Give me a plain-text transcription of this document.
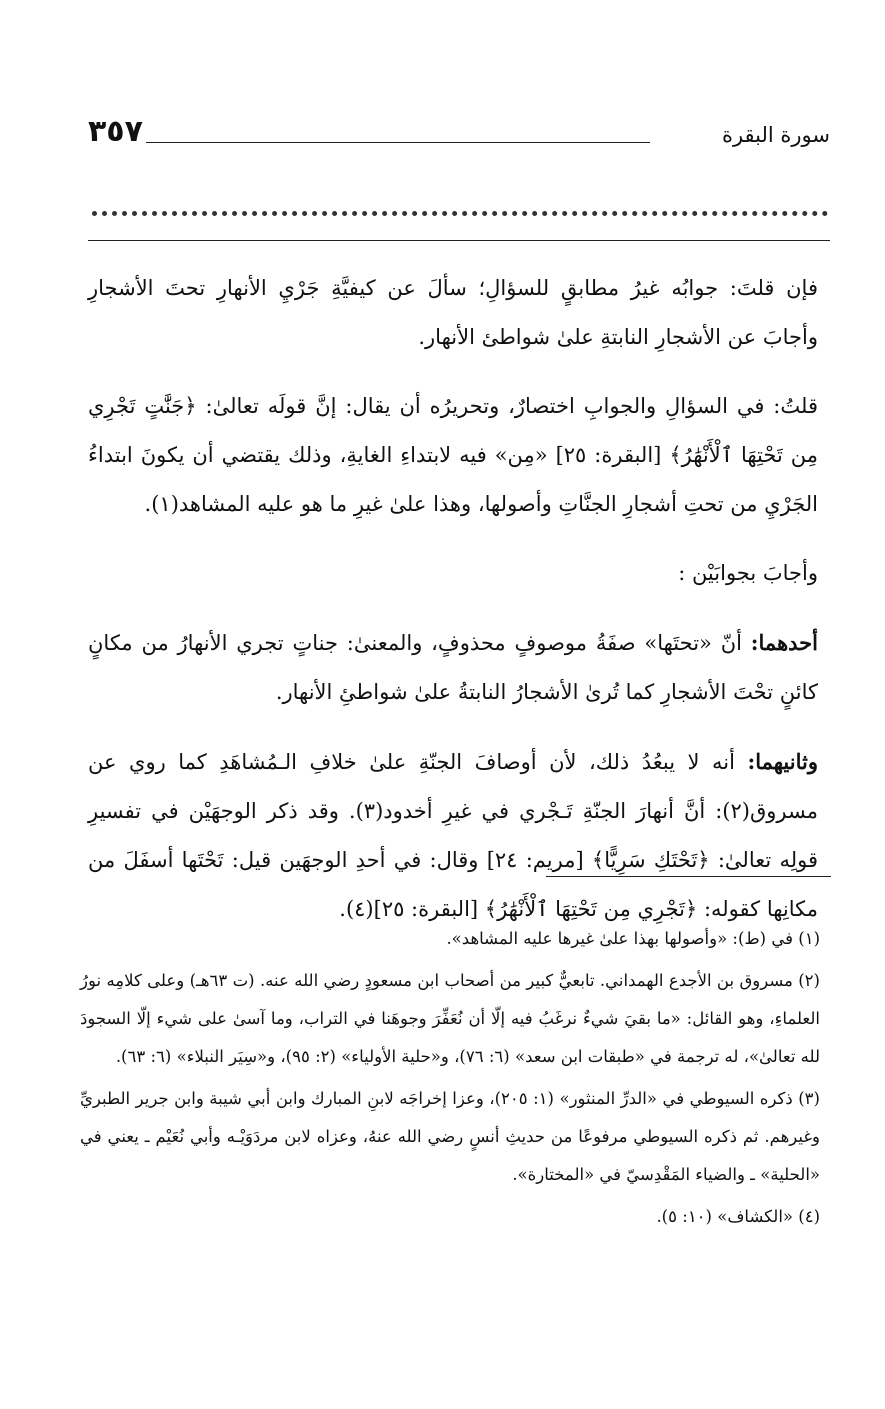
٣٥٧	سورة البقرة

فإن قلتَ: جوابُه غيرُ مطابقٍ للسؤالِ؛ سألَ عن كيفيَّةِ جَرْيِ الأنهارِ تحتَ الأشجارِ وأجابَ عن الأشجارِ النابتةِ علىٰ شواطئ الأنهار.

قلتُ: في السؤالِ والجوابِ اختصارٌ، وتحريرُه أن يقال: إنَّ قولَه تعالىٰ: ﴿جَنَّٰتٍ تَجْرِي مِن تَحْتِهَا ٱلْأَنْهَٰرُ﴾ [البقرة: ٢٥] «مِن» فيه لابتداءِ الغايةِ، وذلك يقتضي أن يكونَ ابتداءُ الجَرْيِ من تحتِ أشجارِ الجنَّاتِ وأصولها، وهذا علىٰ غيرِ ما هو عليه المشاهد(١).

وأجابَ بجوابَيْن :

أحدهما: أنّ «تحتَها» صفَةُ موصوفٍ محذوفٍ، والمعنىٰ: جناتٍ تجري الأنهارُ من مكانٍ كائنٍ تحْتَ الأشجارِ كما تُرىٰ الأشجارُ النابتةُ علىٰ شواطئِ الأنهار.

وثانيهما: أنه لا يبعُدُ ذلك، لأن أوصافَ الجنّةِ علىٰ خلافِ الـمُشاهَدِ كما روي عن مسروق(٢): أنَّ أنهارَ الجنّةِ تَـجْري في غيرِ أخدود(٣). وقد ذكر الوجهَيْن في تفسيرِ قولِه تعالىٰ: ﴿تَحْتَكِ سَرِيًّا﴾ [مريم: ٢٤] وقال: في أحدِ الوجهَين قيل: تَحْتَها أسفَلَ من مكانِها كقوله: ﴿تَجْرِي مِن تَحْتِهَا ٱلْأَنْهَٰرُ﴾ [البقرة: ٢٥](٤).

(١) في (ط): «وأصولها بهذا علىٰ غيرها عليه المشاهد».

(٢) مسروق بن الأجدع الهمداني. تابعيٌّ كبير من أصحاب ابن مسعودٍ رضي الله عنه. (ت ٦٣هـ) وعلى كلامِه نورُ العلماءِ، وهو القائل: «ما بقيَ شيءٌ نرغَبُ فيه إلّا أن نُعَفِّرَ وجوهَنا في التراب، وما آسىٰ على شيء إلّا السجودَ لله تعالىٰ»، له ترجمة في «طبقات ابن سعد» (٦: ٧٦)، و«حلية الأولياء» (٢: ٩٥)، و«سِيَر النبلاء» (٦: ٦٣).

(٣) ذكره السيوطي في «الدرِّ المنثور» (١: ٢٠٥)، وعزا إخراجَه لابنِ المبارك وابن أبي شيبة وابن جرير الطبريِّ وغيرهم. ثم ذكره السيوطي مرفوعًا من حديثِ أنسٍ رضي الله عنهُ، وعزاه لابن مردَوَيْـه وأبي نُعَيْم ـ يعني في «الحلية» ـ والضياء المَقْدِسيّ في «المختارة».

(٤) «الكشاف» (١٠: ٥).
